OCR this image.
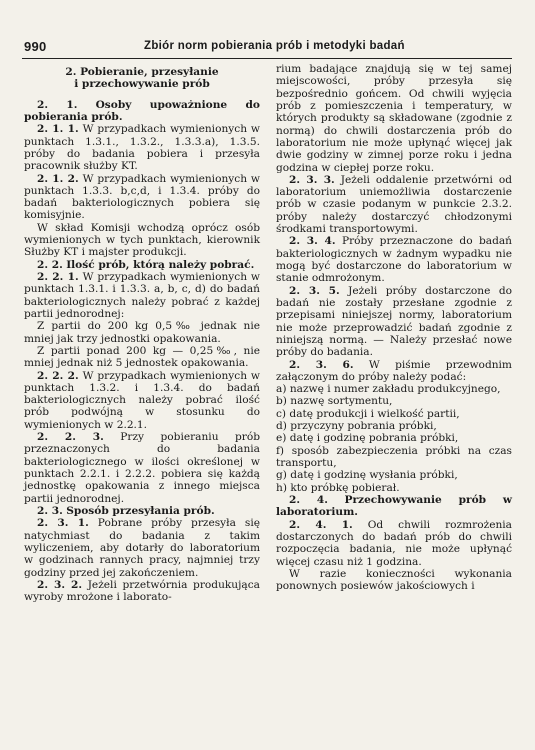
990	Zbiór norm pobierania prób i metodyki badań

2. Pobieranie, przesyłanie
i przechowywanie prób

2. 1. Osoby upoważnione do pobierania prób.

2. 1. 1. W przypadkach wymienionych w punktach 1.3.1., 1.3.2., 1.3.3.a), 1.3.5. próby do badania pobiera i przesyła pracownik służby KT.

2. 1. 2. W przypadkach wymienionych w punktach 1.3.3. b,c,d, i 1.3.4. próby do badań bakteriologicznych pobiera się komisyjnie.

W skład Komisji wchodzą oprócz osób wymienionych w tych punktach, kierownik Służby KT i majster produkcji.

2. 2. Ilość prób, którą należy pobrać.

2. 2. 1. W przypadkach wymienionych w punktach 1.3.1. i 1.3.3. a, b, c, d) do badań bakteriologicznych należy pobrać z każdej partii jednorodnej:

Z partii do 200 kg 0,5‰ jednak nie mniej jak trzy jednostki opakowania.

Z partii ponad 200 kg — 0,25‰, nie mniej jednak niż 5 jednostek opakowania.

2. 2. 2. W przypadkach wymienionych w punktach 1.3.2. i 1.3.4. do badań bakteriologicznych należy pobrać ilość prób podwójną w stosunku do wymienionych w 2.2.1.

2. 2. 3. Przy pobieraniu prób przeznaczonych do badania bakteriologicznego w ilości określonej w punktach 2.2.1. i 2.2.2. pobiera się każdą jednostkę opakowania z innego miejsca partii jednorodnej.

2. 3. Sposób przesyłania prób.

2. 3. 1. Pobrane próby przesyła się natychmiast do badania z takim wyliczeniem, aby dotarły do laboratorium w godzinach rannych pracy, najmniej trzy godziny przed jej zakończeniem.

2. 3. 2. Jeżeli przetwórnia produkująca wyroby mrożone i laborato-

rium badające znajdują się w tej samej miejscowości, próby przesyła się bezpośrednio gońcem. Od chwili wyjęcia prób z pomieszczenia i temperatury, w których produkty są składowane (zgodnie z normą) do chwili dostarczenia prób do laboratorium nie może upłynąć więcej jak dwie godziny w zimnej porze roku i jedna godzina w ciepłej porze roku.

2. 3. 3. Jeżeli oddalenie przetwórni od laboratorium uniemożliwia dostarczenie prób w czasie podanym w punkcie 2.3.2. próby należy dostarczyć chłodzonymi środkami transportowymi.

2. 3. 4. Próby przeznaczone do badań bakteriologicznych w żadnym wypadku nie mogą być dostarczone do laboratorium w stanie odmrożonym.

2. 3. 5. Jeżeli próby dostarczone do badań nie zostały przesłane zgodnie z przepisami niniejszej normy, laboratorium nie może przeprowadzić badań zgodnie z niniejszą normą. — Należy przesłać nowe próby do badania.

2. 3. 6. W piśmie przewodnim załączonym do próby należy podać:

a) nazwę i numer zakładu produkcyjnego,

b) nazwę sortymentu,

c) datę produkcji i wielkość partii,

d) przyczyny pobrania próbki,

e) datę i godzinę pobrania próbki,

f) sposób zabezpieczenia próbki na czas transportu,

g) datę i godzinę wysłania próbki,

h) kto próbkę pobierał.

2. 4. Przechowywanie prób w laboratorium.

2. 4. 1. Od chwili rozmrożenia dostarczonych do badań prób do chwili rozpoczęcia badania, nie może upłynąć więcej czasu niż 1 godzina.

W razie konieczności wykonania ponownych posiewów jakościowych i
